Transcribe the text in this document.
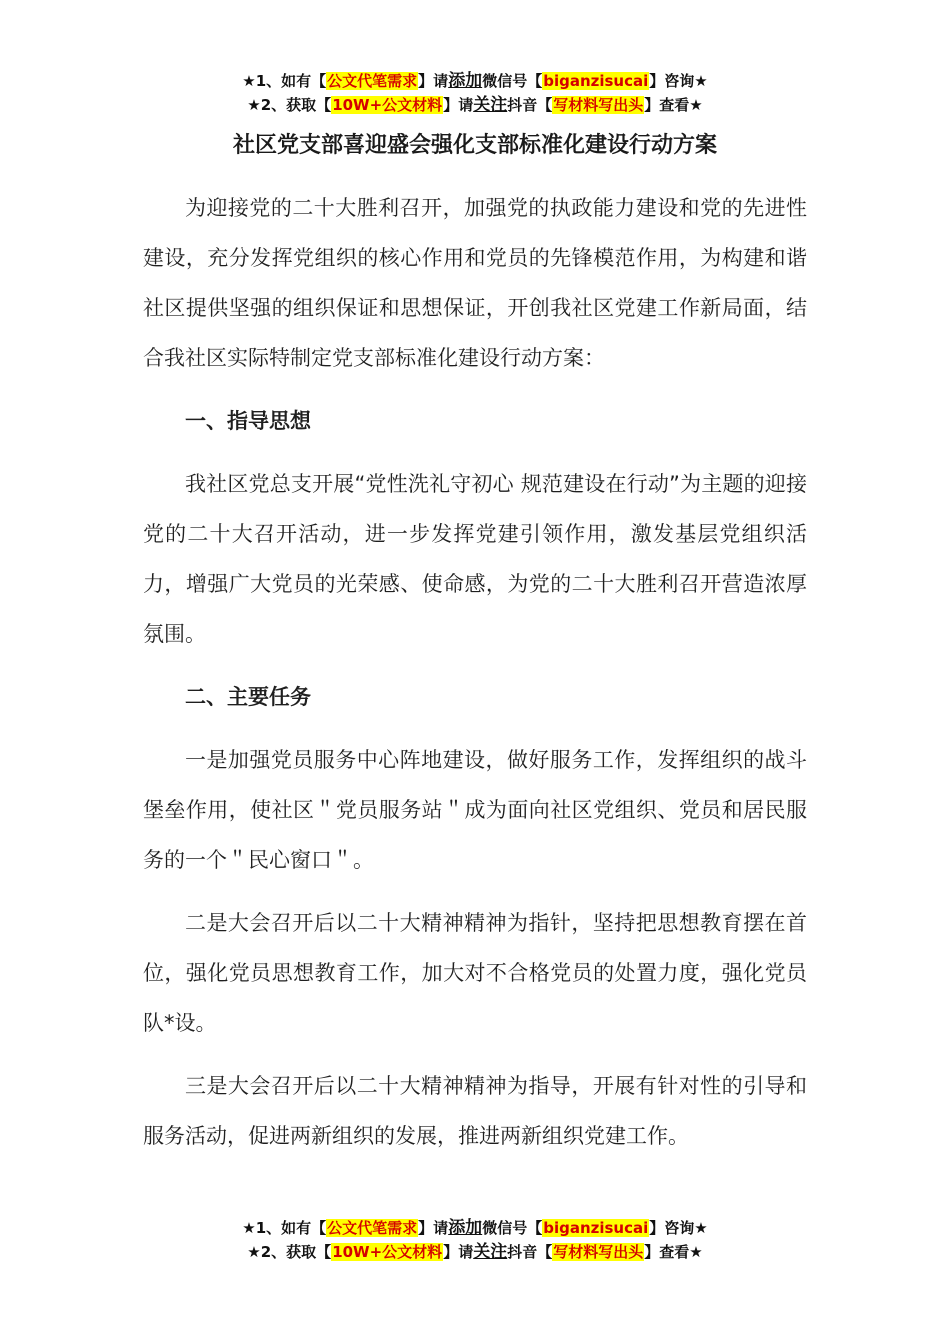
★1、如有【公文代笔需求】请添加微信号【biganzisucai】咨询★
★2、获取【10W+公文材料】请关注抖音【写材料写出头】查看★
社区党支部喜迎盛会强化支部标准化建设行动方案

为迎接党的二十大胜利召开，加强党的执政能力建设和党的先进性建设，充分发挥党组织的核心作用和党员的先锋模范作用，为构建和谐社区提供坚强的组织保证和思想保证，开创我社区党建工作新局面，结合我社区实际特制定党支部标准化建设行动方案：

一、指导思想

我社区党总支开展“党性洗礼守初心 规范建设在行动”为主题的迎接党的二十大召开活动，进一步发挥党建引领作用，激发基层党组织活力，增强广大党员的光荣感、使命感，为党的二十大胜利召开营造浓厚氛围。

二、主要任务

一是加强党员服务中心阵地建设，做好服务工作，发挥组织的战斗堡垒作用，使社区＂党员服务站＂成为面向社区党组织、党员和居民服务的一个＂民心窗口＂。

二是大会召开后以二十大精神精神为指针，坚持把思想教育摆在首位，强化党员思想教育工作，加大对不合格党员的处置力度，强化党员队*设。

三是大会召开后以二十大精神精神为指导，开展有针对性的引导和服务活动，促进两新组织的发展，推进两新组织党建工作。

★1、如有【公文代笔需求】请添加微信号【biganzisucai】咨询★
★2、获取【10W+公文材料】请关注抖音【写材料写出头】查看★
